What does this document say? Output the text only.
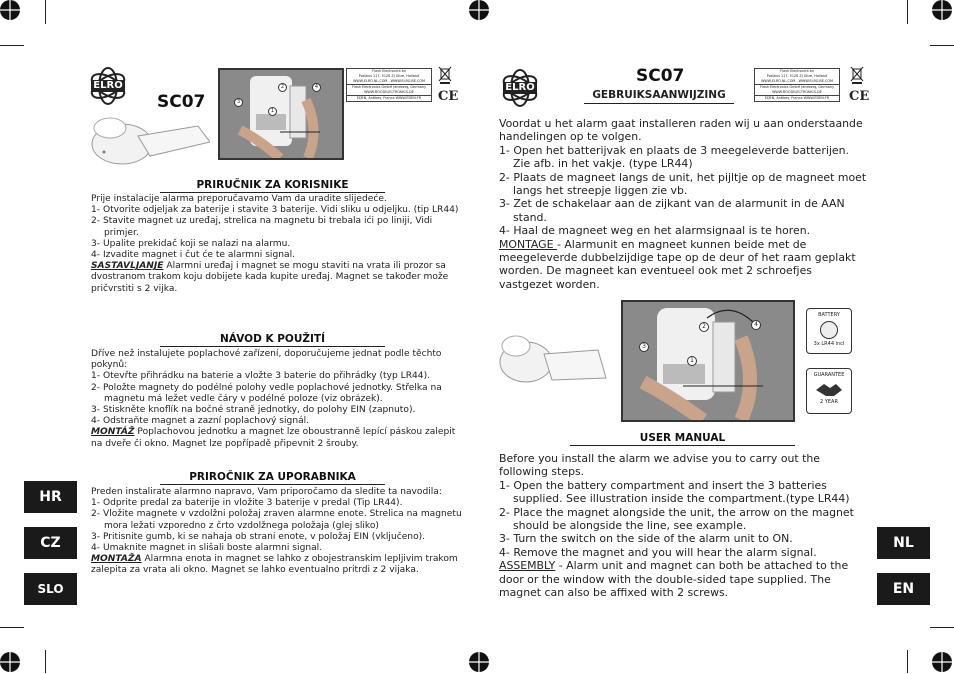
ELRO
SC07	1
2
3
4
Flash Electronics bv
Postbus 117, 5126 ZJ Gilze, Holland
WWW.ELRO.NL.COM - WWW.ELRO.BE.COM
Flash Electronics GmbH Jeneberg, Germany
WWW.ROCSELECTRONICS.DE
EDEN, Antibes, France WWW.EDEN.FR	CE
PRIRUČNIK ZA KORISNIKE

Prije instalacije alarma preporučavamo Vam da uradite slijedeće.

1- Otvorite odjeljak za baterije i stavite 3 baterije. Vidi sliku u odjeljku. (tip LR44)

2- Stavite magnet uz uređaj, strelica na magnetu bi trebala ići po liniji, Vidi primjer.

3- Upalite prekidač koji se nalazi na alarmu.

4- Izvadite magnet i čut će te alarmni signal.

SASTAVLJANJE Alarmni uređaj i magnet se mogu staviti na vrata ili prozor sa dvostranom trakom koju dobijete kada kupite uređaj. Magnet se također može pričvrstiti s 2 vijka.

NÁVOD K POUŽITÍ

Dříve než instalujete poplachové zařízení, doporučujeme jednat podle těchto pokynů:

1- Otevřte přihrádku na baterie a vložte 3 baterie do přihrádky (typ LR44).

2- Položte magnety do podélné polohy vedle poplachové jednotky. Střelka na magnetu má ležet vedle čáry v podélné poloze (viz obrázek).

3- Stiskněte knoflík na bočné straně jednotky, do polohy EIN (zapnuto).

4- Odstraňte magnet a zazní poplachový signál.

MONTÁŽ Poplachovou jednotku a magnet lze oboustranně lepící páskou zalepit na dveře či okno. Magnet lze popřípadě připevnit 2 šrouby.

PRIROČNIK ZA UPORABNIKA

Preden instalirate alarmno napravo, Vam priporočamo da sledite ta navodila:

1- Odprite predal za baterije in vložite 3 baterije v predal (Tip LR44).

2- Vložite magnete v vzdolžni položaj zraven alarmne enote. Strelica na magnetu mora ležati vzporedno z črto vzdolžnega položaja (glej sliko)

3- Pritisnite gumb, ki se nahaja ob strani enote, v položaj EIN (vključeno).

4- Umaknite magnet in slišali boste alarmni signal.

MONTAŽA Alarmna enota in magnet se lahko z obojestranskim lepljivim trakom zalepita za vrata ali okno. Magnet se lahko eventualno pritrdi z 2 vijaka.

HR
CZ
SLO
ELRO
SC07
GEBRUIKSAANWIJZING
Flash Electronics bv
Postbus 117, 5126 ZJ Gilze, Holland
WWW.ELRO.NL.COM - WWW.ELRO.BE.COM
Flash Electronics GmbH Jeneberg, Germany
WWW.ROCSELECTRONICS.DE
EDEN, Antibes, France WWW.EDEN.FR	CE

Voordat u het alarm gaat installeren raden wij u aan onderstaande handelingen op te volgen.

1- Open het batterijvak en plaats de 3 meegeleverde batterijen. Zie afb. in het vakje. (type LR44)

2- Plaats de magneet langs de unit, het pijltje op de magneet moet langs het streepje liggen zie vb.

3- Zet de schakelaar aan de zijkant van de alarmunit in de AAN stand.

4- Haal de magneet weg en het alarmsignaal is te horen.

MONTAGE - Alarmunit en magneet kunnen beide met de meegeleverde dubbelzijdige tape op de deur of het raam geplakt worden. De magneet kan eventueel ook met 2 schroefjes vastgezet worden.

1
2
3
4
BATTERY
3x LR44 incl
GUARANTEE
2 YEAR
USER MANUAL

Before you install the alarm we advise you to carry out the following steps.

1- Open the battery compartment and insert the 3 batteries supplied. See illustration inside the compartment.(type LR44)

2- Place the magnet alongside the unit, the arrow on the magnet should be alongside the line, see example.

3- Turn the switch on the side of the alarm unit to ON.

4- Remove the magnet and you will hear the alarm signal.

ASSEMBLY - Alarm unit and magnet can both be attached to the door or the window with the double-sided tape supplied. The magnet can also be affixed with 2 screws.

NL
EN
